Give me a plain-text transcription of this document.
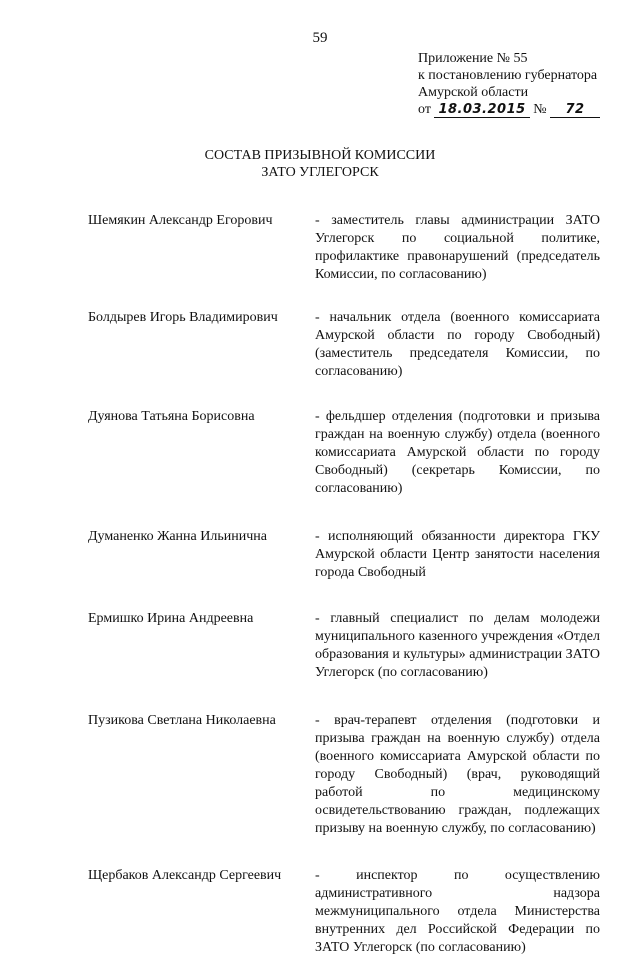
59
Приложение № 55
к постановлению губернатора
Амурской области
от 18.03.2015 № 72
СОСТАВ ПРИЗЫВНОЙ КОМИССИИ
ЗАТО УГЛЕГОРСК
Шемякин Александр Егорович	- заместитель главы администрации ЗАТО Углегорск по социальной политике, профилактике правонарушений (председатель Комиссии, по согласованию)
Болдырев Игорь Владимирович	- начальник отдела (военного комиссариата Амурской области по городу Свободный) (заместитель председателя Комиссии, по согласованию)
Дуянова Татьяна Борисовна	- фельдшер отделения (подготовки и призыва граждан на военную службу) отдела (военного комиссариата Амурской области по городу Свободный) (секретарь Комиссии, по согласованию)
Думаненко Жанна Ильинична	- исполняющий обязанности директора ГКУ Амурской области Центр занятости населения города Свободный
Ермишко Ирина Андреевна	- главный специалист по делам молодежи муниципального казенного учреждения «Отдел образования и культуры» администрации ЗАТО Углегорск (по согласованию)
Пузикова Светлана Николаевна	- врач-терапевт отделения (подготовки и призыва граждан на военную службу) отдела (военного комиссариата Амурской области по городу Свободный) (врач, руководящий работой по медицинскому освидетельствованию граждан, подлежащих призыву на военную службу, по согласованию)
Щербаков Александр Сергеевич	- инспектор по осуществлению административного надзора межмуниципального отдела Министерства внутренних дел Российской Федерации по ЗАТО Углегорск (по согласованию)
